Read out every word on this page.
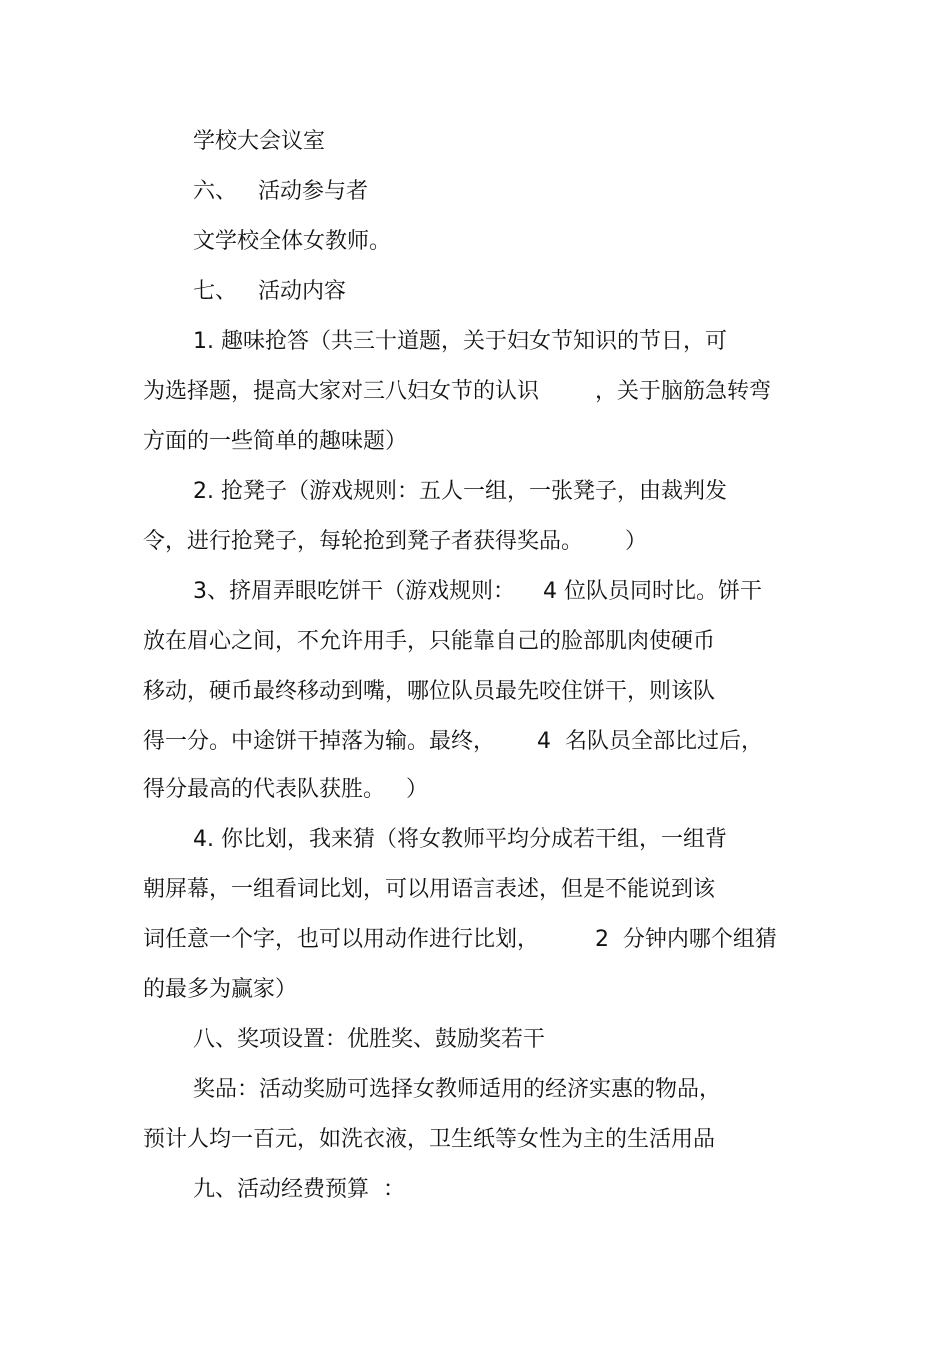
学校大会议室
六、   活动参与者
文学校全体女教师。
七、   活动内容
1. 趣味抢答（共三十道题，关于妇女节知识的节日，可
为选择题，提高大家对三八妇女节的认识        ，关于脑筋急转弯
方面的一些简单的趣味题）
2. 抢凳子（游戏规则：五人一组，一张凳子，由裁判发
令，进行抢凳子，每轮抢到凳子者获得奖品。      ）
3、挤眉弄眼吃饼干（游戏规则：    4 位队员同时比。饼干
放在眉心之间，不允许用手，只能靠自己的脸部肌肉使硬币
移动，硬币最终移动到嘴，哪位队员最先咬住饼干，则该队
得一分。中途饼干掉落为输。最终，      4  名队员全部比过后，
得分最高的代表队获胜。   ）
4. 你比划，我来猜（将女教师平均分成若干组，一组背
朝屏幕，一组看词比划，可以用语言表述，但是不能说到该
词任意一个字，也可以用动作进行比划，        2  分钟内哪个组猜
的最多为赢家）
八、奖项设置：优胜奖、鼓励奖若干
奖品：活动奖励可选择女教师适用的经济实惠的物品，
预计人均一百元，如洗衣液，卫生纸等女性为主的生活用品
九、活动经费预算  ：
